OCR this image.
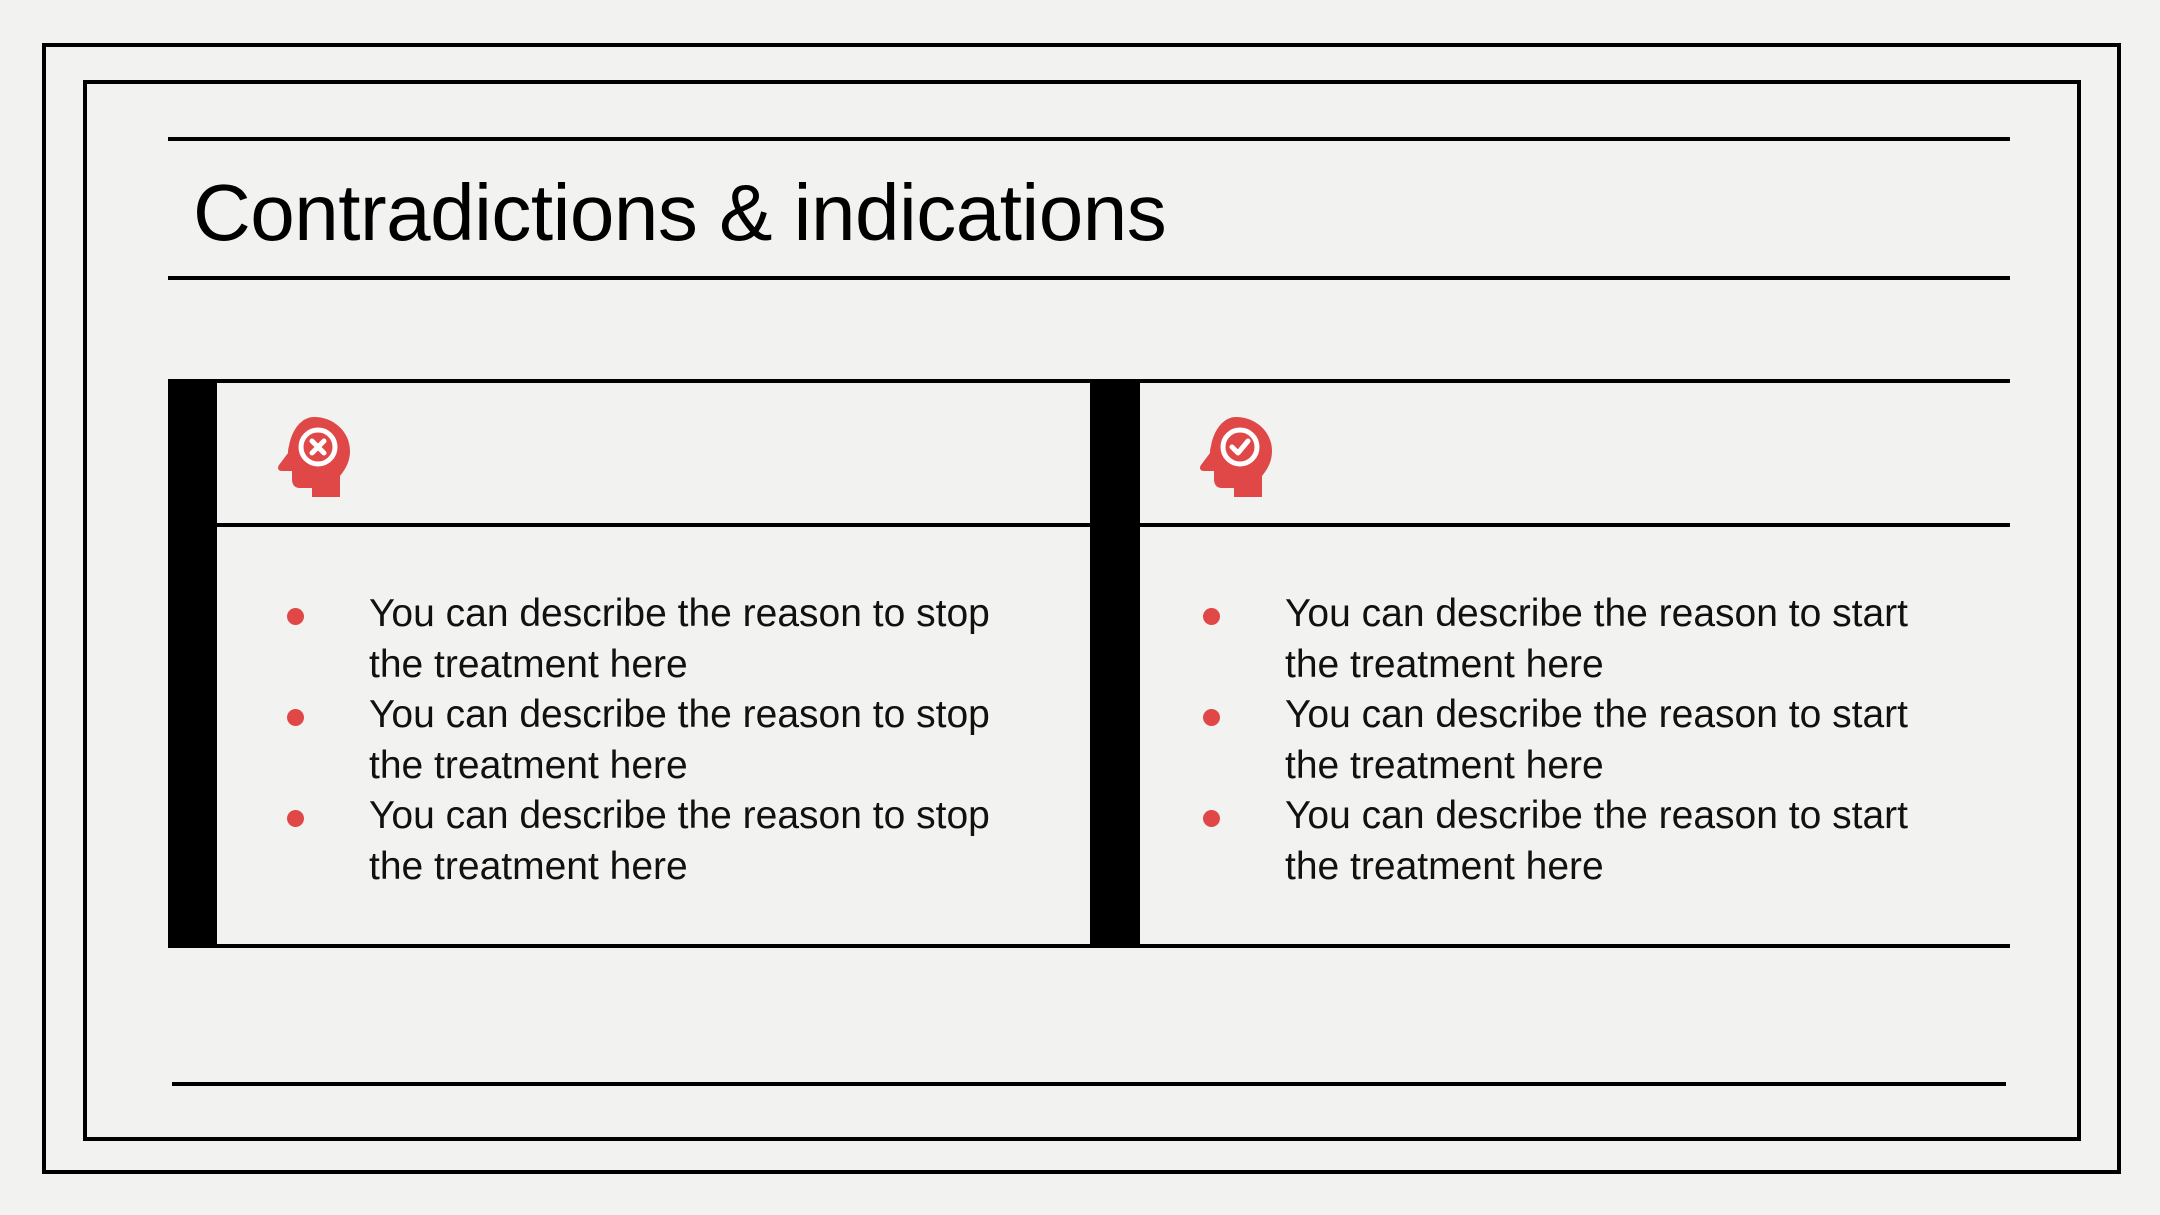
Contradictions & indications
You can describe the reason to stop the treatment here
You can describe the reason to stop the treatment here
You can describe the reason to stop the treatment here
You can describe the reason to start the treatment here
You can describe the reason to start the treatment here
You can describe the reason to start the treatment here
